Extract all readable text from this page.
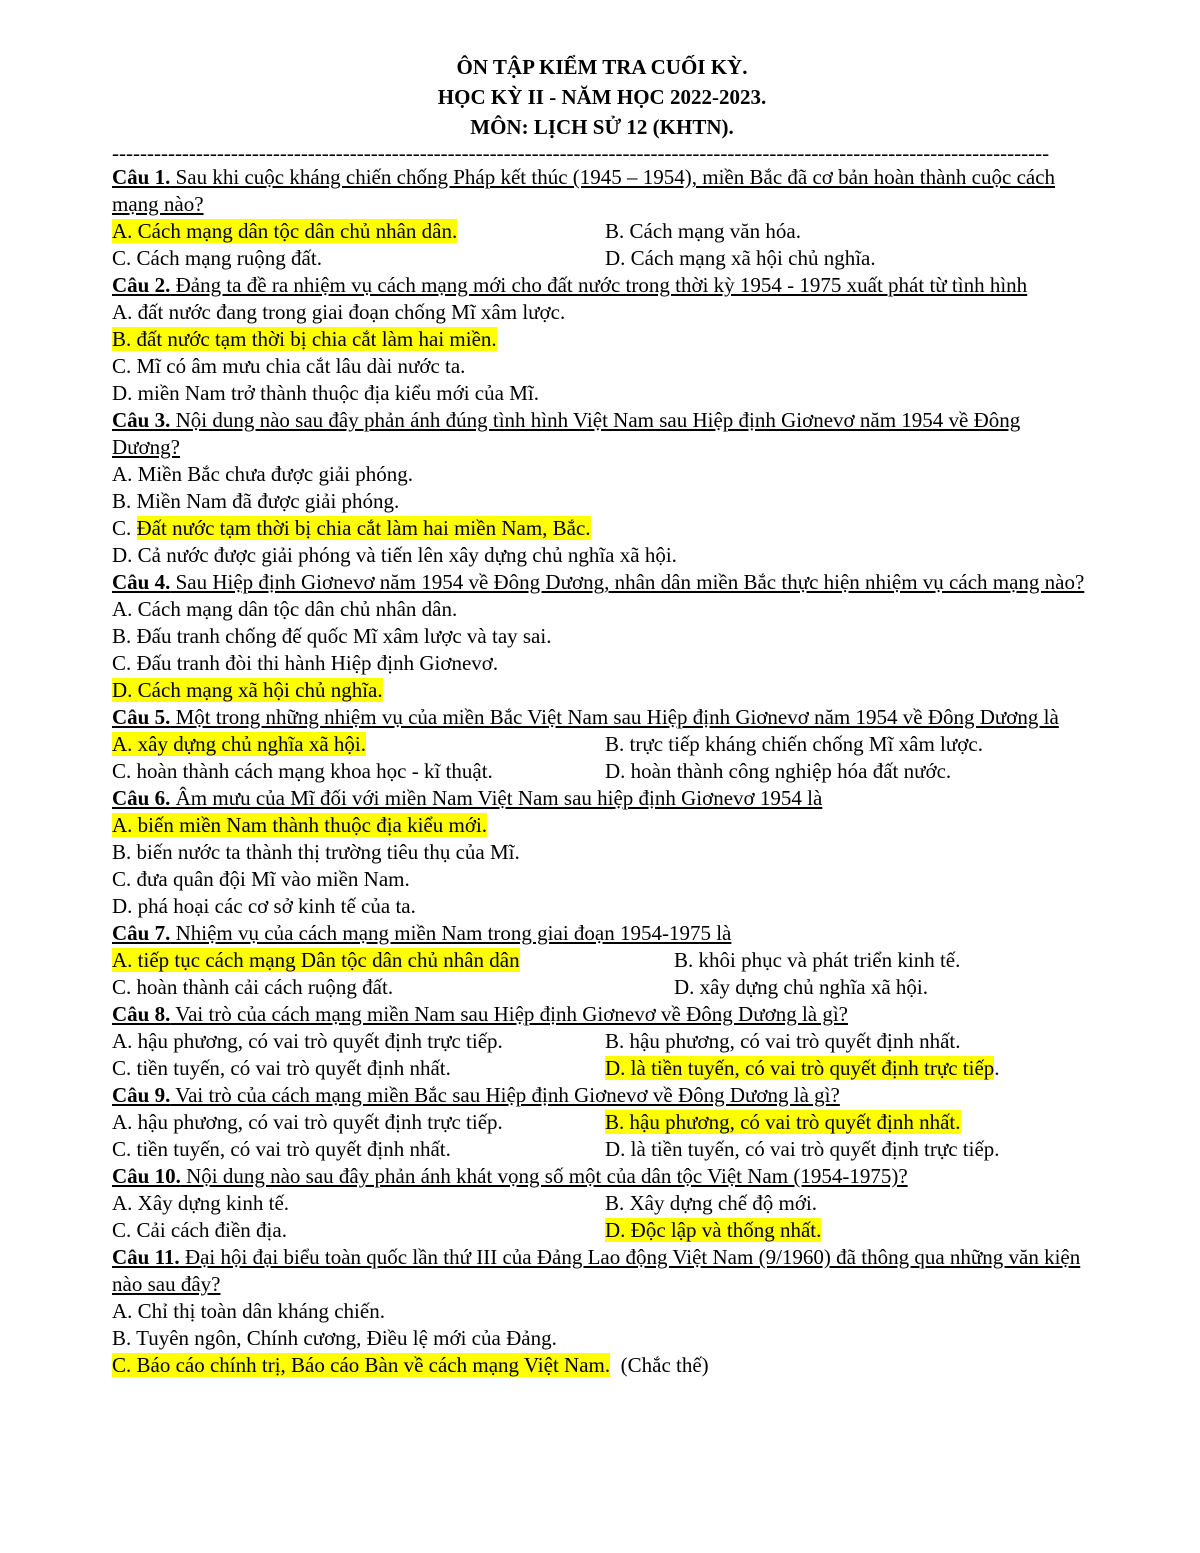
ÔN TẬP KIỂM TRA CUỐI KỲ.
HỌC KỲ II - NĂM HỌC 2022-2023.
MÔN: LỊCH SỬ 12 (KHTN).
--------------------------------------------------------------------------------------------------------------------------------------
Câu 1. Sau khi cuộc kháng chiến chống Pháp kết thúc (1945 – 1954), miền Bắc đã cơ bản hoàn thành cuộc cách mạng nào?
A. Cách mạng dân tộc dân chủ nhân dân.	B. Cách mạng văn hóa.
C. Cách mạng ruộng đất.	D. Cách mạng xã hội chủ nghĩa.
Câu 2. Đảng ta đề ra nhiệm vụ cách mạng mới cho đất nước trong thời kỳ 1954 - 1975 xuất phát từ tình hình
A. đất nước đang trong giai đoạn chống Mĩ xâm lược.
B. đất nước tạm thời bị chia cắt làm hai miền.
C. Mĩ có âm mưu chia cắt lâu dài nước ta.
D. miền Nam trở thành thuộc địa kiểu mới của Mĩ.
Câu 3. Nội dung nào sau đây phản ánh đúng tình hình Việt Nam sau Hiệp định Giơnevơ năm 1954 về Đông Dương?
A. Miền Bắc chưa được giải phóng.
B. Miền Nam đã được giải phóng.
C. Đất nước tạm thời bị chia cắt làm hai miền Nam, Bắc.
D. Cả nước được giải phóng và tiến lên xây dựng chủ nghĩa xã hội.
Câu 4. Sau Hiệp định Giơnevơ năm 1954 về Đông Dương, nhân dân miền Bắc thực hiện nhiệm vụ cách mạng nào?
A. Cách mạng dân tộc dân chủ nhân dân.
B. Đấu tranh chống đế quốc Mĩ xâm lược và tay sai.
C. Đấu tranh đòi thi hành Hiệp định Giơnevơ.
D. Cách mạng xã hội chủ nghĩa.
Câu 5. Một trong những nhiệm vụ của miền Bắc Việt Nam sau Hiệp định Giơnevơ năm 1954 về Đông Dương là
A. xây dựng chủ nghĩa xã hội.	B. trực tiếp kháng chiến chống Mĩ xâm lược.
C. hoàn thành cách mạng khoa học - kĩ thuật.	D. hoàn thành công nghiệp hóa đất nước.
Câu 6. Âm mưu của Mĩ đối với miền Nam Việt Nam sau hiệp định Giơnevơ 1954 là
A. biến miền Nam thành thuộc địa kiểu mới.
B. biến nước ta thành thị trường tiêu thụ của Mĩ.
C. đưa quân đội Mĩ vào miền Nam.
D. phá hoại các cơ sở kinh tế của ta.
Câu 7. Nhiệm vụ của cách mạng miền Nam trong giai đoạn 1954-1975 là
A. tiếp tục cách mạng Dân tộc dân chủ nhân dân	B. khôi phục và phát triển kinh tế.
C. hoàn thành cải cách ruộng đất.	D. xây dựng chủ nghĩa xã hội.
Câu 8. Vai trò của cách mạng miền Nam sau Hiệp định Giơnevơ về Đông Dương là gì?
A. hậu phương, có vai trò quyết định trực tiếp.	B. hậu phương, có vai trò quyết định nhất.
C. tiền tuyến, có vai trò quyết định nhất.	D. là tiền tuyến, có vai trò quyết định trực tiếp.
Câu 9. Vai trò của cách mạng miền Bắc sau Hiệp định Giơnevơ về Đông Dương là gì?
A. hậu phương, có vai trò quyết định trực tiếp.	B. hậu phương, có vai trò quyết định nhất.
C. tiền tuyến, có vai trò quyết định nhất.	D. là tiền tuyến, có vai trò quyết định trực tiếp.
Câu 10. Nội dung nào sau đây phản ánh khát vọng số một của dân tộc Việt Nam (1954-1975)?
A. Xây dựng kinh tế.	B. Xây dựng chế độ mới.
C. Cải cách điền địa.	D. Độc lập và thống nhất.
Câu 11. Đại hội đại biểu toàn quốc lần thứ III của Đảng Lao động Việt Nam (9/1960) đã thông qua những văn kiện nào sau đây?
A. Chỉ thị toàn dân kháng chiến.
B. Tuyên ngôn, Chính cương, Điều lệ mới của Đảng.
C. Báo cáo chính trị, Báo cáo Bàn về cách mạng Việt Nam.  (Chắc thế)
